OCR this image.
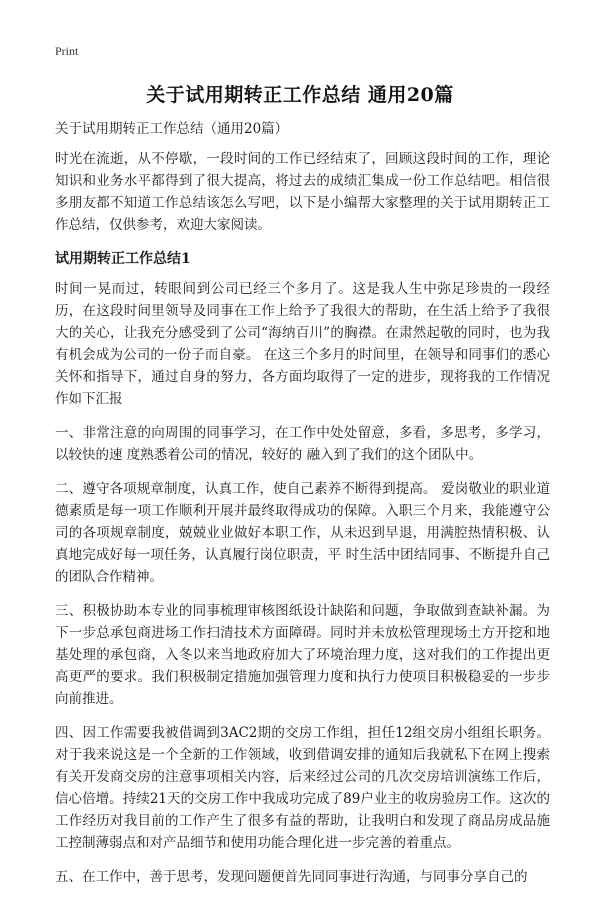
Print
关于试用期转正工作总结 通用20篇

关于试用期转正工作总结（通用20篇）

时光在流逝，从不停歇，一段时间的工作已经结束了，回顾这段时间的工作，理论知识和业务水平都得到了很大提高，将过去的成绩汇集成一份工作总结吧。相信很多朋友都不知道工作总结该怎么写吧，以下是小编帮大家整理的关于试用期转正工作总结，仅供参考，欢迎大家阅读。

试用期转正工作总结1

时间一晃而过，转眼间到公司已经三个多月了。这是我人生中弥足珍贵的一段经历，在这段时间里领导及同事在工作上给予了我很大的帮助，在生活上给予了我很大的关心，让我充分感受到了公司“海纳百川”的胸襟。在肃然起敬的同时，也为我有机会成为公司的一份子而自豪。 在这三个多月的时间里，在领导和同事们的悉心关怀和指导下，通过自身的努力，各方面均取得了一定的进步，现将我的工作情况作如下汇报

一、非常注意的向周围的同事学习，在工作中处处留意，多看，多思考，多学习，以较快的速 度熟悉着公司的情况，较好的 融入到了我们的这个团队中。

二、遵守各项规章制度，认真工作，使自己素养不断得到提高。 爱岗敬业的职业道德素质是每一项工作顺利开展并最终取得成功的保障。入职三个月来，我能遵守公司的各项规章制度，兢兢业业做好本职工作，从未迟到早退，用满腔热情积极、认真地完成好每一项任务，认真履行岗位职责，平 时生活中团结同事、不断提升自己的团队合作精神。

三、积极协助本专业的同事梳理审核图纸设计缺陷和问题，争取做到查缺补漏。为下一步总承包商进场工作扫清技术方面障碍。同时并未放松管理现场土方开挖和地基处理的承包商，入冬以来当地政府加大了环境治理力度，这对我们的工作提出更高更严的要求。我们积极制定措施加强管理力度和执行力使项目积极稳妥的一步步向前推进。

四、因工作需要我被借调到3AC2期的交房工作组，担任12组交房小组组长职务。对于我来说这是一个全新的工作领域，收到借调安排的通知后我就私下在网上搜索有关开发商交房的注意事项相关内容，后来经过公司的几次交房培训演练工作后，信心倍增。持续21天的交房工作中我成功完成了89户业主的收房验房工作。这次的工作经历对我目前的工作产生了很多有益的帮助，让我明白和发现了商品房成品施工控制薄弱点和对产品细节和使用功能合理化进一步完善的着重点。

五、在工作中，善于思考，发现问题便首先同同事进行沟通，与同事分享自己的
